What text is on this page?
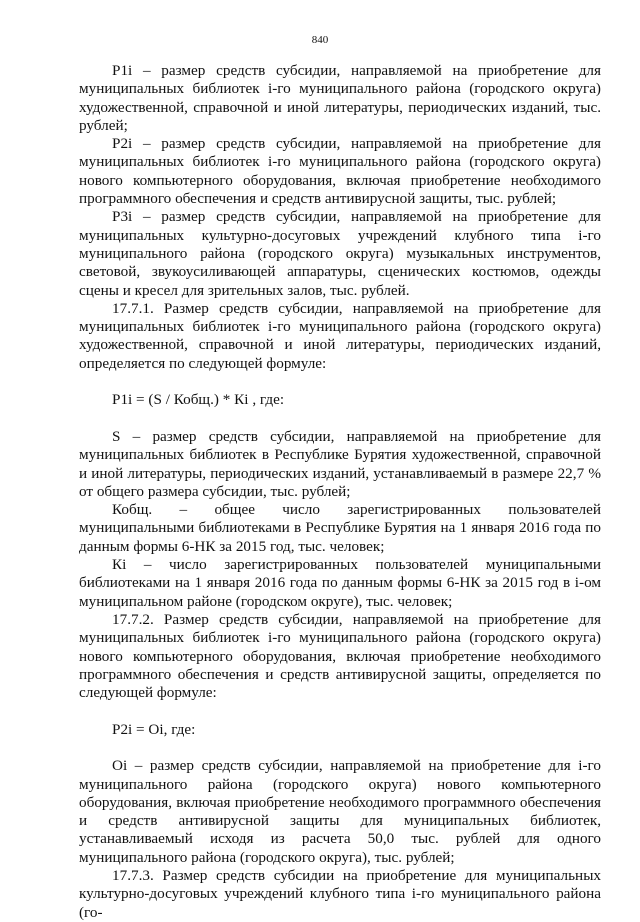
840

P1i – размер средств субсидии, направляемой на приобретение для муниципальных библиотек i-го муниципального района (городского округа) художественной, справочной и иной литературы, периодических изданий, тыс. рублей;

P2i – размер средств субсидии, направляемой на приобретение для муниципальных библиотек i-го муниципального района (городского округа) нового компьютерного оборудования, включая приобретение необходимого программного обеспечения и средств антивирусной защиты, тыс. рублей;

P3i – размер средств субсидии, направляемой на приобретение для муниципальных культурно-досуговых учреждений клубного типа i-го муниципального района (городского округа) музыкальных инструментов, световой, звукоусиливающей аппаратуры, сценических костюмов, одежды сцены и кресел для зрительных залов, тыс. рублей.

17.7.1. Размер средств субсидии, направляемой на приобретение для муниципальных библиотек i-го муниципального района (городского округа) художественной, справочной и иной литературы, периодических изданий, определяется по следующей формуле:

P1i = (S / Кобщ.) * Кi , где:

S – размер средств субсидии, направляемой на приобретение для муниципальных библиотек в Республике Бурятия художественной, справочной и иной литературы, периодических изданий, устанавливаемый в размере 22,7 % от общего размера субсидии, тыс. рублей;

Кобщ. – общее число зарегистрированных пользователей муниципальными библиотеками в Республике Бурятия на 1 января 2016 года по данным формы 6-НК за 2015 год, тыс. человек;

Кi – число зарегистрированных пользователей муниципальными библиотеками на 1 января 2016 года по данным формы 6-НК за 2015 год в i-ом муниципальном районе (городском округе), тыс. человек;

17.7.2. Размер средств субсидии, направляемой на приобретение для муниципальных библиотек i-го муниципального района (городского округа) нового компьютерного оборудования, включая приобретение необходимого программного обеспечения и средств антивирусной защиты, определяется по следующей формуле:

P2i = Oi, где:

Oi – размер средств субсидии, направляемой на приобретение для i-го муниципального района (городского округа) нового компьютерного оборудования, включая приобретение необходимого программного обеспечения и средств антивирусной защиты для муниципальных библиотек, устанавливаемый исходя из расчета 50,0 тыс. рублей для одного муниципального района (городского округа), тыс. рублей;

17.7.3. Размер средств субсидии на приобретение для муниципальных культурно-досуговых учреждений клубного типа i-го муниципального района (го-
